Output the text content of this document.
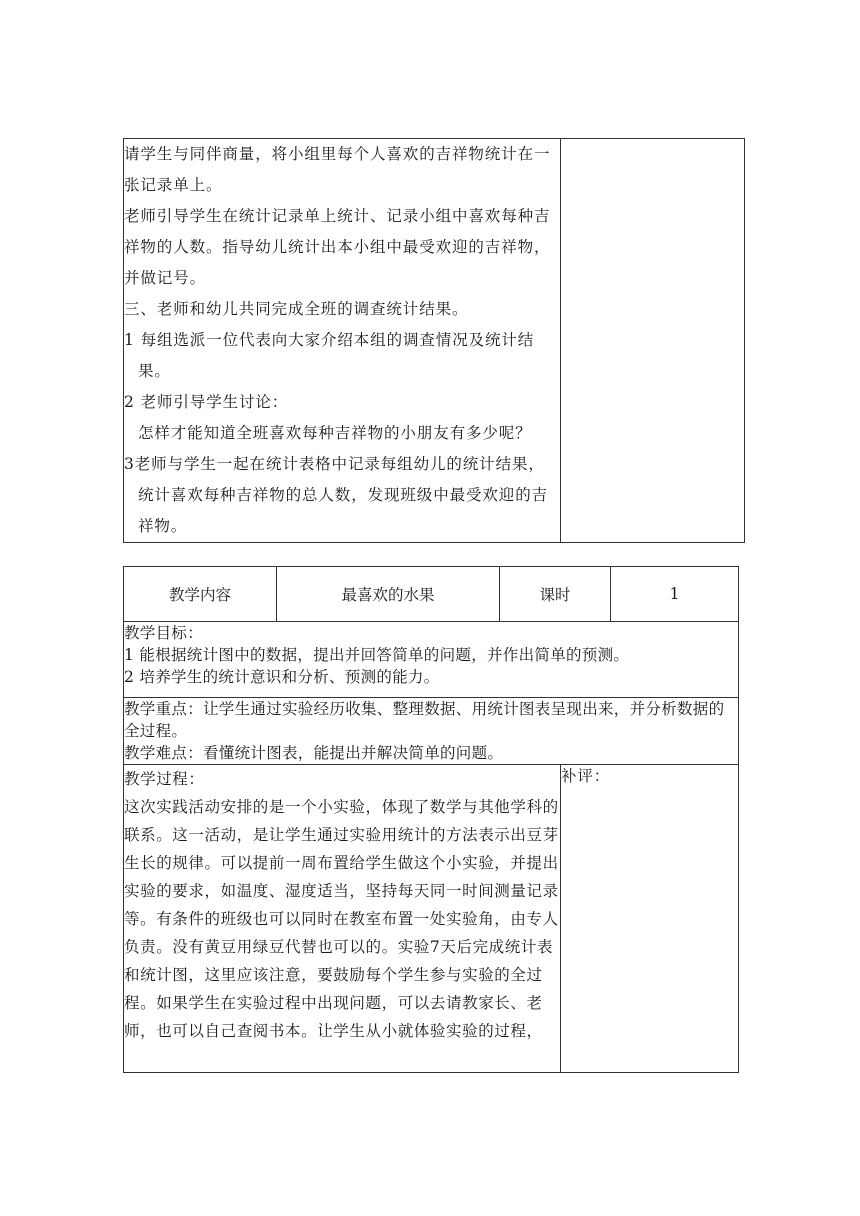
请学生与同伴商量，将小组里每个人喜欢的吉祥物统计在一张记录单上。

老师引导学生在统计记录单上统计、记录小组中喜欢每种吉祥物的人数。指导幼儿统计出本小组中最受欢迎的吉祥物，并做记号。

三、老师和幼儿共同完成全班的调查统计结果。

1 每组选派一位代表向大家介绍本组的调查情况及统计结果。

2 老师引导学生讨论：

怎样才能知道全班喜欢每种吉祥物的小朋友有多少呢？

3老师与学生一起在统计表格中记录每组幼儿的统计结果，统计喜欢每种吉祥物的总人数，发现班级中最受欢迎的吉祥物。

教学内容	最喜欢的水果	课时		1

教学目标：

1 能根据统计图中的数据，提出并回答简单的问题，并作出简单的预测。

2 培养学生的统计意识和分析、预测的能力。				

教学重点：让学生通过实验经历收集、整理数据、用统计图表呈现出来，并分析数据的全过程。

教学难点：看懂统计图表，能提出并解决简单的问题。				

教学过程：

这次实践活动安排的是一个小实验，体现了数学与其他学科的联系。这一活动，是让学生通过实验用统计的方法表示出豆芽生长的规律。可以提前一周布置给学生做这个小实验，并提出实验的要求，如温度、湿度适当，坚持每天同一时间测量记录等。有条件的班级也可以同时在教室布置一处实验角，由专人负责。没有黄豆用绿豆代替也可以的。实验7天后完成统计表和统计图，这里应该注意，要鼓励每个学生参与实验的全过程。如果学生在实验过程中出现问题，可以去请教家长、老师，也可以自己查阅书本。让学生从小就体验实验的过程，			补评：	
